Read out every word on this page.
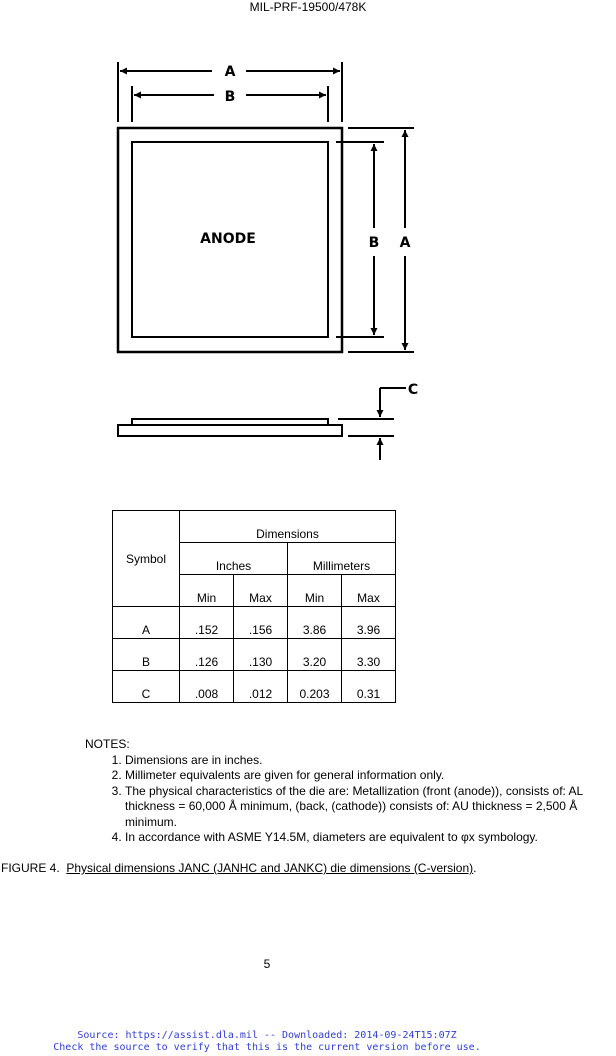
MIL-PRF-19500/478K
ANODE
A
B
B A
C
Symbol	Dimensions			

	Inches		Millimeters	

	Min	Max	Min	Max

A	.152	.156	3.86	3.96

B	.126	.130	3.20	3.30

C	.008	.012	0.203	0.31
NOTES:
1. Dimensions are in inches.
2. Millimeter equivalents are given for general information only.
3. The physical characteristics of the die are: Metallization (front (anode)), consists of: AL thickness = 60,000 Å minimum, (back, (cathode)) consists of: AU thickness = 2,500 Å minimum.
4. In accordance with ASME Y14.5M, diameters are equivalent to φx symbology.
FIGURE 4. Physical dimensions JANC (JANHC and JANKC) die dimensions (C-version).
5
Source: https://assist.dla.mil -- Downloaded: 2014-09-24T15:07Z
Check the source to verify that this is the current version before use.
